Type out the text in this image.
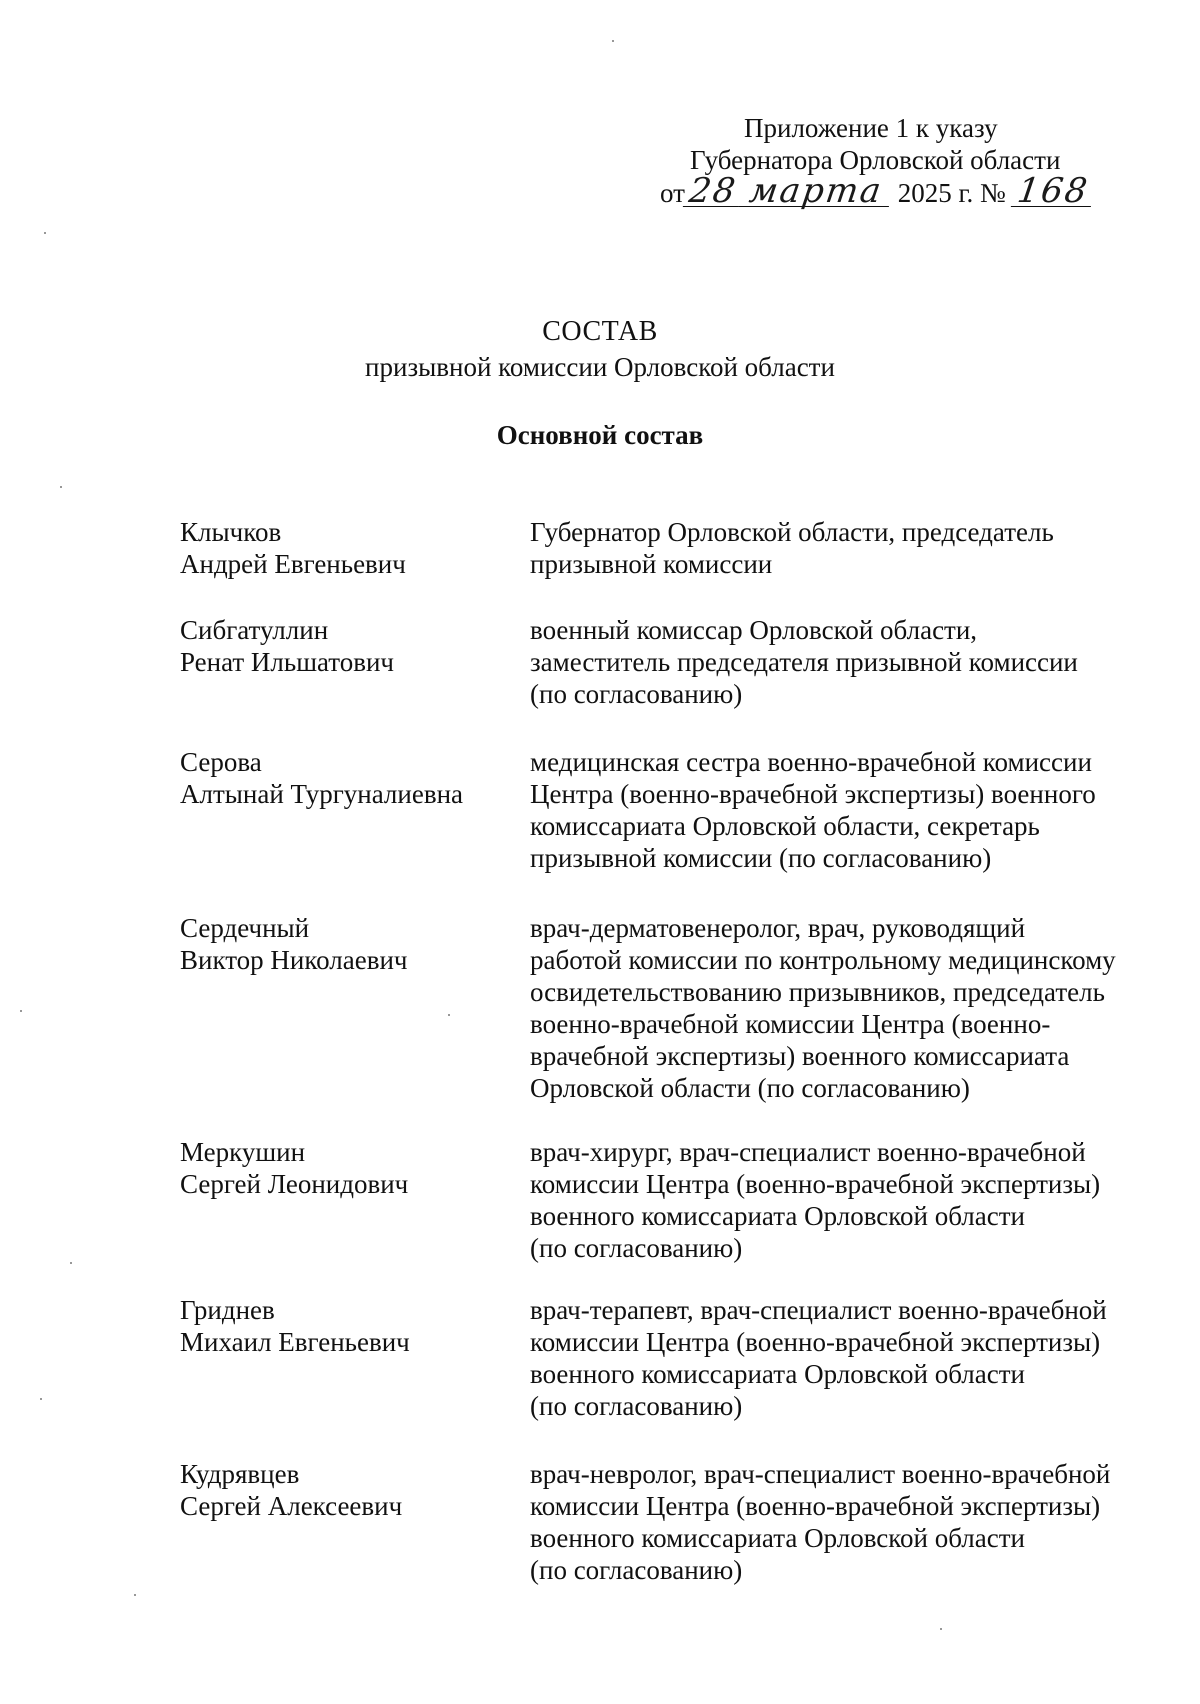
Приложение 1 к указу
Губернатора Орловской области
от28 марта 2025 г. № 168
СОСТАВ
призывной комиссии Орловской области
Основной состав
Клычков
Андрей Евгеньевич
Губернатор Орловской области, председатель
призывной комиссии
Сибгатуллин
Ренат Ильшатович
военный комиссар Орловской области,
заместитель председателя призывной комиссии
(по согласованию)
Серова
Алтынай Тургуналиевна
медицинская сестра военно-врачебной комиссии
Центра (военно-врачебной экспертизы) военного
комиссариата Орловской области, секретарь
призывной комиссии (по согласованию)
Сердечный
Виктор Николаевич
врач-дерматовенеролог, врач, руководящий
работой комиссии по контрольному медицинскому
освидетельствованию призывников, председатель
военно-врачебной комиссии Центра (военно-
врачебной экспертизы) военного комиссариата
Орловской области (по согласованию)
Меркушин
Сергей Леонидович
врач-хирург, врач-специалист военно-врачебной
комиссии Центра (военно-врачебной экспертизы)
военного комиссариата Орловской области
(по согласованию)
Гриднев
Михаил Евгеньевич
врач-терапевт, врач-специалист военно-врачебной
комиссии Центра (военно-врачебной экспертизы)
военного комиссариата Орловской области
(по согласованию)
Кудрявцев
Сергей Алексеевич
врач-невролог, врач-специалист военно-врачебной
комиссии Центра (военно-врачебной экспертизы)
военного комиссариата Орловской области
(по согласованию)
